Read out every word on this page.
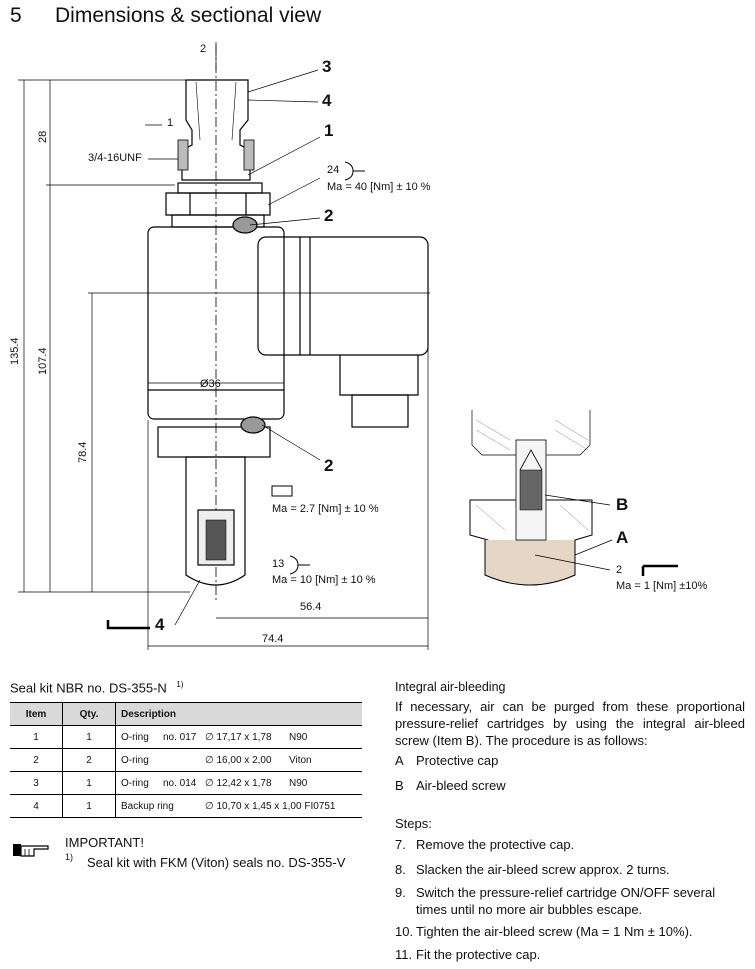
5 Dimensions & sectional view
2
1
3
4
1
3/4-16UNF
24
Ma = 40 [Nm] ± 10 %
2
Ø36
2
Ma = 2.7 [Nm] ± 10 %
13
Ma = 10 [Nm] ± 10 %
4
135.4 107.4
28
78.4
56.4
74.4
B
A
2
Ma = 1 [Nm] ±10%
Seal kit NBR no. DS-355-N $^{1)}$
Item	Qty.	Description
1	1	O-ring no. 017 ∅ 17,17 x 1,78 N90
2	2	O-ring ∅ 16,00 x 2,00 Viton
3	1	O-ring no. 014 ∅ 12,42 x 1,78 N90
4	1	Backup ring ∅ 10,70 x 1,45 x 1,00 FI0751
IMPORTANT!
1) Seal kit with FKM (Viton) seals no. DS-355-V
Integral air-bleeding
If necessary, air can be purged from these proportional pressure-relief cartridges by using the integral air-bleed screw (Item B). The procedure is as follows:
A Protective cap
B Air-bleed screw
Steps:
7. Remove the protective cap.
8. Slacken the air-bleed screw approx. 2 turns.
9. Switch the pressure-relief cartridge ON/OFF several times until no more air bubbles escape.
10. Tighten the air-bleed screw (Ma = 1 Nm ± 10%).
11. Fit the protective cap.
